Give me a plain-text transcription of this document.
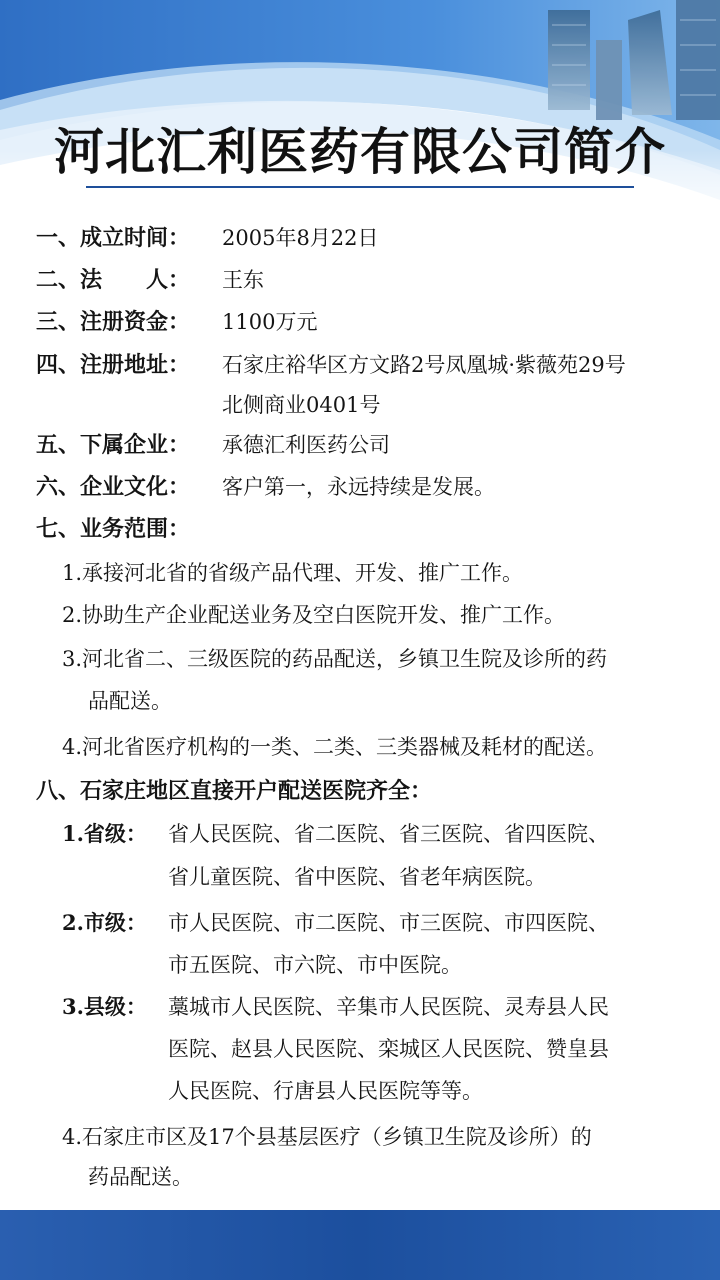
河北汇利医药有限公司简介
一、成立时间： 2005年8月22日
二、法　　人： 王东
三、注册资金： 1100万元
四、注册地址： 石家庄裕华区方文路2号凤凰城·紫薇苑29号
北侧商业0401号
五、下属企业： 承德汇利医药公司
六、企业文化： 客户第一，永远持续是发展。
七、业务范围：
1.承接河北省的省级产品代理、开发、推广工作。
2.协助生产企业配送业务及空白医院开发、推广工作。
3.河北省二、三级医院的药品配送，乡镇卫生院及诊所的药
品配送。
4.河北省医疗机构的一类、二类、三类器械及耗材的配送。
八、石家庄地区直接开户配送医院齐全：
1.省级： 省人民医院、省二医院、省三医院、省四医院、
省儿童医院、省中医院、省老年病医院。
2.市级： 市人民医院、市二医院、市三医院、市四医院、
市五医院、市六院、市中医院。
3.县级： 藁城市人民医院、辛集市人民医院、灵寿县人民
医院、赵县人民医院、栾城区人民医院、赞皇县
人民医院、行唐县人民医院等等。
4.石家庄市区及17个县基层医疗（乡镇卫生院及诊所）的
药品配送。
